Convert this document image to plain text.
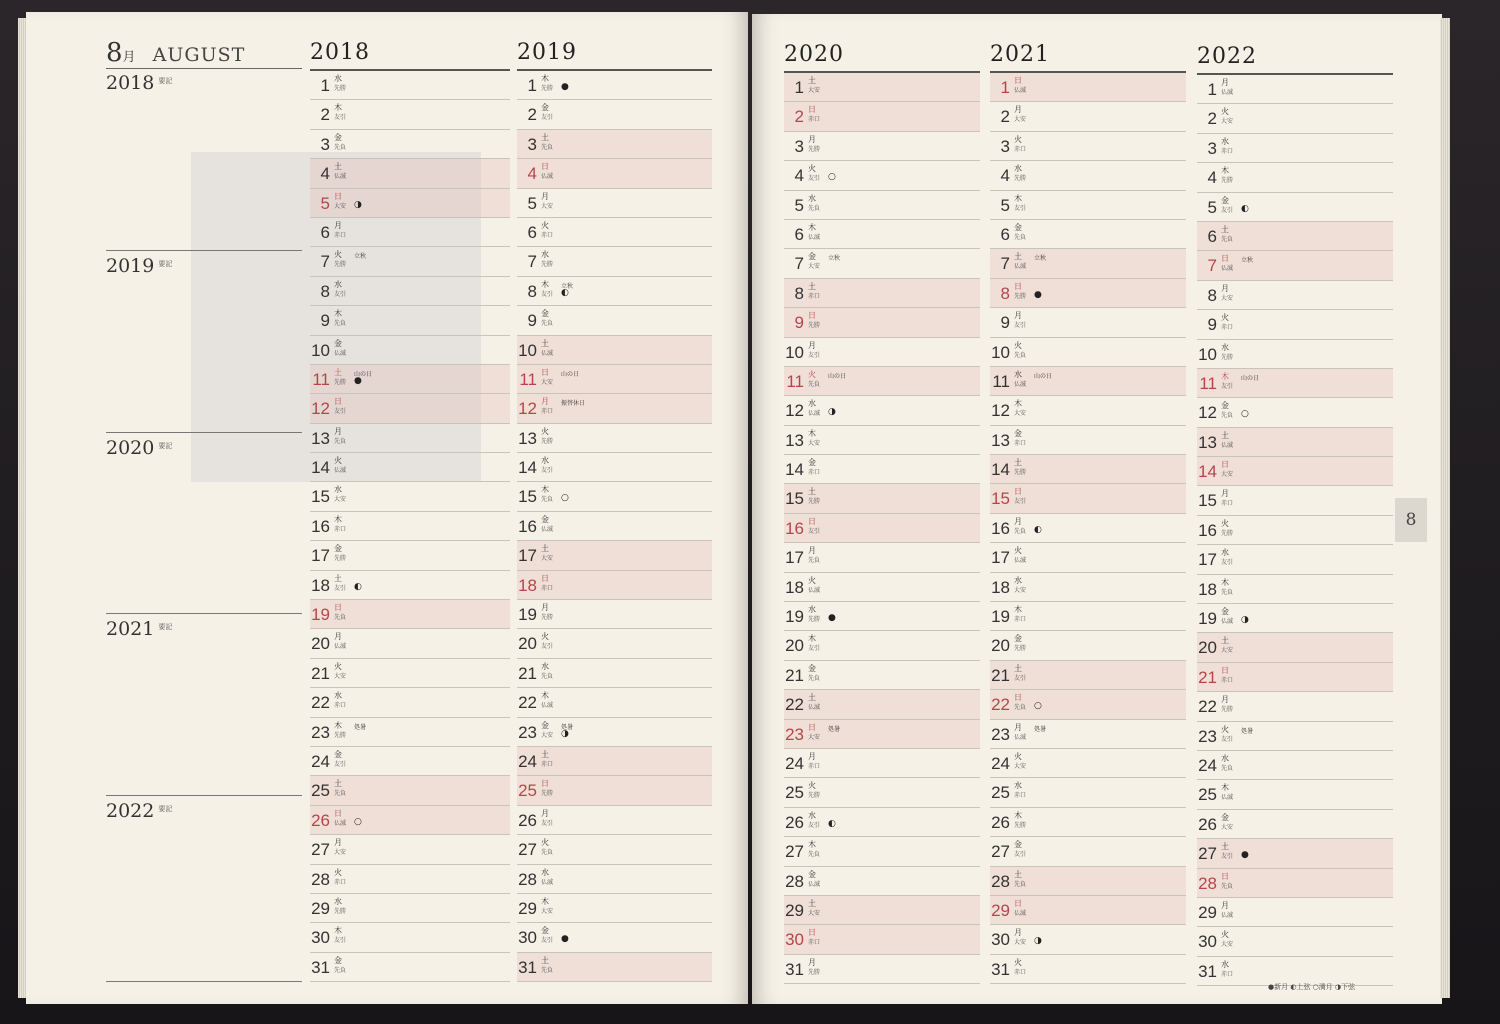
8月 AUGUST
2018 $^{要記}$
2019 $^{要記}$
2020 $^{要記}$
2021 $^{要記}$
2022 $^{要記}$
2018
1 水
先勝
2 木
友引
3 金
先負
4 土
仏滅
5 日
大安 ◑
6 月
赤口
7 火
先勝
立秋
8 水
友引
9 木
先負
10 金
仏滅
11 土
先勝
山の日
●
12 日
友引
13 月
先負
14 火
仏滅
15 水
大安
16 木
赤口
17 金
先勝
18 土
友引 ◐
19 日
先負
20 月
仏滅
21 火
大安
22 水
赤口
23 木
先勝
処暑
24 金
友引
25 土
先負
26 日
仏滅 ○
27 月
大安
28 火
赤口
29 水
先勝
30 木
友引
31 金
先負
2019
1 木
先勝 ●
2 金
友引
3 土
先負
4 日
仏滅
5 月
大安
6 火
赤口
7 水
先勝
8 木
友引
立秋
◐
9 金
先負
10 土
仏滅
11 日
大安
山の日
12 月
赤口
振替休日
13 火
先勝
14 水
友引
15 木
先負 ○
16 金
仏滅
17 土
大安
18 日
赤口
19 月
先勝
20 火
友引
21 水
先負
22 木
仏滅
23 金
大安
処暑
◑
24 土
赤口
25 日
先勝
26 月
友引
27 火
先負
28 水
仏滅
29 木
大安
30 金
友引 ●
31 土
先負
2020
1 土
大安
2 日
赤口
3 月
先勝
4 火
友引 ○
5 水
先負
6 木
仏滅
7 金
大安
立秋
8 土
赤口
9 日
先勝
10 月
友引
11 火
先負
山の日
12 水
仏滅 ◑
13 木
大安
14 金
赤口
15 土
先勝
16 日
友引
17 月
先負
18 火
仏滅
19 水
先勝 ●
20 木
友引
21 金
先負
22 土
仏滅
23 日
大安
処暑
24 月
赤口
25 火
先勝
26 水
友引 ◐
27 木
先負
28 金
仏滅
29 土
大安
30 日
赤口
31 月
先勝
2021
1 日
仏滅
2 月
大安
3 火
赤口
4 水
先勝
5 木
友引
6 金
先負
7 土
仏滅
立秋
8 日
先勝 ●
9 月
友引
10 火
先負
11 水
仏滅
山の日
12 木
大安
13 金
赤口
14 土
先勝
15 日
友引
16 月
先負 ◐
17 火
仏滅
18 水
大安
19 木
赤口
20 金
先勝
21 土
友引
22 日
先負 ○
23 月
仏滅
処暑
24 火
大安
25 水
赤口
26 木
先勝
27 金
友引
28 土
先負
29 日
仏滅
30 月
大安 ◑
31 火
赤口
2022
1 月
仏滅
2 火
大安
3 水
赤口
4 木
先勝
5 金
友引 ◐
6 土
先負
7 日
仏滅
立秋
8 月
大安
9 火
赤口
10 水
先勝
11 木
友引
山の日
12 金
先負 ○
13 土
仏滅
14 日
大安
15 月
赤口
16 火
先勝
17 水
友引
18 木
先負
19 金
仏滅 ◑
20 土
大安
21 日
赤口
22 月
先勝
23 火
友引
処暑
24 水
先負
25 木
仏滅
26 金
大安
27 土
友引 ●
28 日
先負
29 月
仏滅
30 火
大安
31 水
赤口
8
●新月 ◐上弦 ○満月 ◑下弦
